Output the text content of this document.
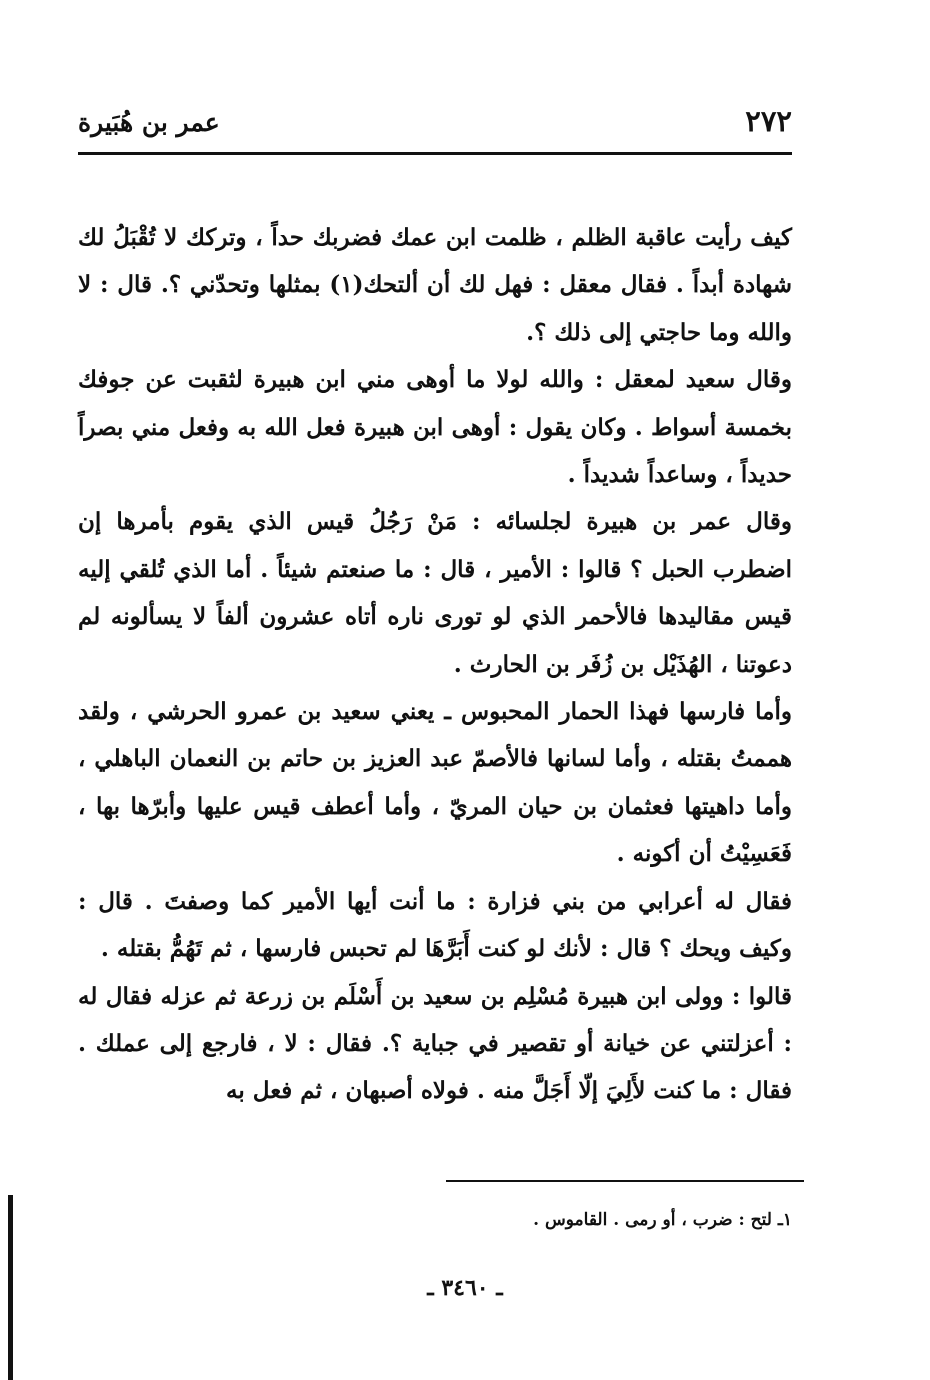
٢٧٢
عمر بن هُبَيرة

كيف رأيت عاقبة الظلم ، ظلمت ابن عمك فضربك حداً ، وتركك لا تُقْبَلُ لك شهادة أبداً . فقال معقل : فهل لك أن ألتحك(١) بمثلها وتحدّني ؟. قال : لا والله وما حاجتي إلى ذلك ؟.

وقال سعيد لمعقل : والله لولا ما أوهى مني ابن هبيرة لثقبت عن جوفك بخمسة أسواط . وكان يقول : أوهى ابن هبيرة فعل الله به وفعل مني بصراً حديداً ، وساعداً شديداً .

وقال عمر بن هبيرة لجلسائه : مَنْ رَجُلُ قيس الذي يقوم بأمرها إن اضطرب الحبل ؟ قالوا : الأمير ، قال : ما صنعتم شيئاً . أما الذي تُلقي إليه قيس مقاليدها فالأحمر الذي لو تورى ناره أتاه عشرون ألفاً لا يسألونه لم دعوتنا ، الهُذَيْل بن زُفَر بن الحارث .

وأما فارسها فهذا الحمار المحبوس ـ يعني سعيد بن عمرو الحرشي ، ولقد هممتُ بقتله ، وأما لسانها فالأصمّ عبد العزيز بن حاتم بن النعمان الباهلي ، وأما داهيتها فعثمان بن حيان المريّ ، وأما أعطف قيس عليها وأبرّها بها ، فَعَسِيْتُ أن أكونه .

فقال له أعرابي من بني فزارة : ما أنت أيها الأمير كما وصفتَ . قال : وكيف ويحك ؟ قال : لأنك لو كنت أَبَرَّهَا لم تحبس فارسها ، ثم تَهُمُّ بقتله .

قالوا : وولى ابن هبيرة مُسْلِم بن سعيد بن أَسْلَم بن زرعة ثم عزله فقال له : أعزلتني عن خيانة أو تقصير في جباية ؟. فقال : لا ، فارجع إلى عملك . فقال : ما كنت لأَلِيَ إلّا أَجَلَّ منه . فولاه أصبهان ، ثم فعل به

١ـ لتح : ضرب ، أو رمى . القاموس .
ـ ٣٤٦٠ ـ
